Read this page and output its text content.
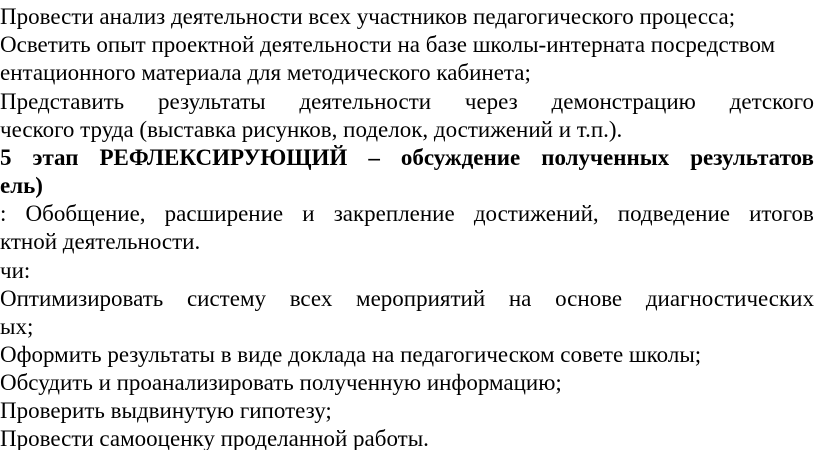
Провести анализ деятельности всех участников педагогического процесса;
Осветить опыт проектной деятельности на базе школы-интерната посредством
ентационного материала для методического кабинета;
Представить результаты деятельности через демонстрацию детского
ческого труда (выставка рисунков, поделок, достижений и т.п.).
5 этап РЕФЛЕКСИРУЮЩИЙ – обсуждение полученных результатов
ель)
: Обобщение, расширение и закрепление достижений, подведение итогов
ктной деятельности.
чи:
Оптимизировать систему всех мероприятий на основе диагностических
ых;
Оформить результаты в виде доклада на педагогическом совете школы;
Обсудить и проанализировать полученную информацию;
Проверить выдвинутую гипотезу;
Провести самооценку проделанной работы.
